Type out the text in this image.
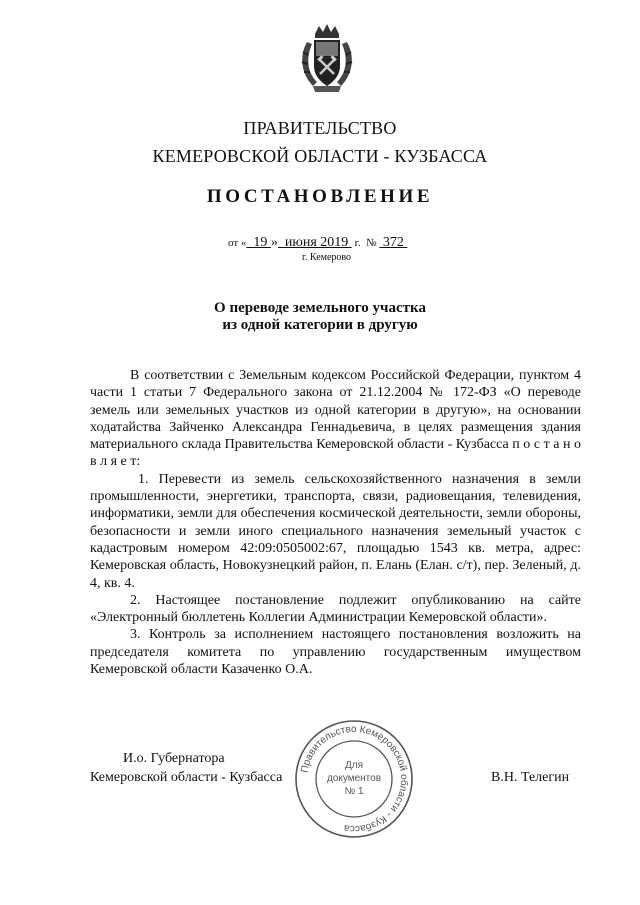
ПРАВИТЕЛЬСТВО
КЕМЕРОВСКОЙ ОБЛАСТИ - КУЗБАССА
ПОСТАНОВЛЕНИЕ
от « 19 » июня 2019 г. № 372
г. Кемерово
О переводе земельного участка
из одной категории в другую

В соответствии с Земельным кодексом Российской Федерации, пунктом 4 части 1 статьи 7 Федерального закона от 21.12.2004 № 172-ФЗ «О переводе земель или земельных участков из одной категории в другую», на основании ходатайства Зайченко Александра Геннадьевича, в целях размещения здания материального склада Правительства Кемеровской области - Кузбасса п о с т а н о в л я е т:

1. Перевести из земель сельскохозяйственного назначения в земли промышленности, энергетики, транспорта, связи, радиовещания, телевидения, информатики, земли для обеспечения космической деятельности, земли обороны, безопасности и земли иного специального назначения земельный участок с кадастровым номером 42:09:0505002:67, площадью 1543 кв. метра, адрес: Кемеровская область, Новокузнецкий район, п. Елань (Елан. с/т), пер. Зеленый, д. 4, кв. 4.

2. Настоящее постановление подлежит опубликованию на сайте «Электронный бюллетень Коллегии Администрации Кемеровской области».

3. Контроль за исполнением настоящего постановления возложить на председателя комитета по управлению государственным имуществом Кемеровской области Казаченко О.А.

И.о. Губернатора
Кемеровской области - Кузбасса	В.Н. Телегин
Правительство Кемеровской области - Кузбасса
Для
документов
№ 1
